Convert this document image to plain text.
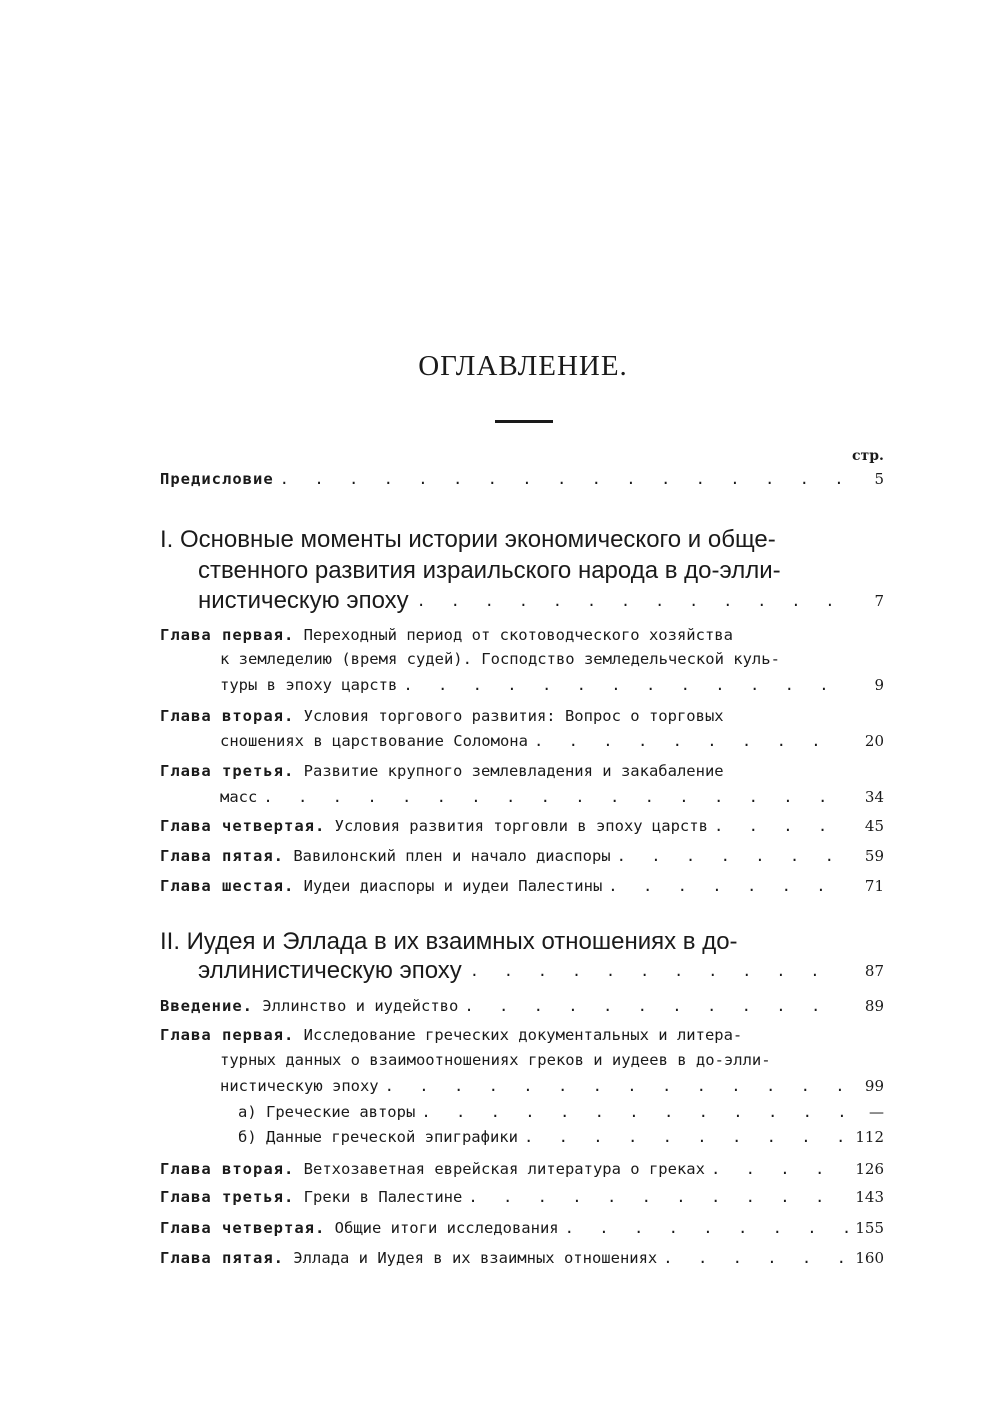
ОГЛАВЛЕНИЕ.
стр.
Предисловие . . .	5
I. Основные моменты истории экономического и обще-
ственного развития израильского народа в до-элли-
нистическую эпоху . . .	7
Глава первая. Переходный период от скотоводческого хозяйства
к земледелию (время судей). Господство земледельческой куль-
туры в эпоху царств . . .	9
Глава вторая. Условия торгового развития: Вопрос о торговых
сношениях в царствование Соломона . . .	20
Глава третья. Развитие крупного землевладения и закабаление
масс . . .	34
Глава четвертая. Условия развития торговли в эпоху царств . . .	45
Глава пятая. Вавилонский плен и начало диаспоры . . .	59
Глава шестая. Иудеи диаспоры и иудеи Палестины . . .	71
II. Иудея и Эллада в их взаимных отношениях в до-
эллинистическую эпоху . . .	87
Введение. Эллинство и иудейство . . .	89
Глава первая. Исследование греческих документальных и литера-
турных данных о взаимоотношениях греков и иудеев в до-элли-
нистическую эпоху . . .	99
а) Греческие авторы . . .	—
б) Данные греческой эпиграфики . . .	112
Глава вторая. Ветхозаветная еврейская литература о греках . . .	126
Глава третья. Греки в Палестине . . .	143
Глава четвертая. Общие итоги исследования . . .	155
Глава пятая. Эллада и Иудея в их взаимных отношениях . . .	160
